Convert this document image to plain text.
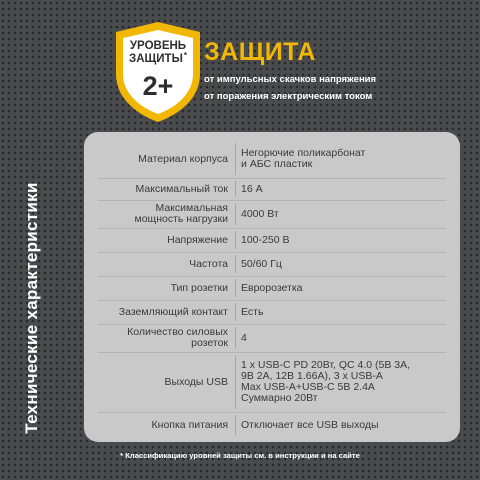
УРОВЕНЬ
ЗАЩИТЫ*
2+
ЗАЩИТА
от импульсных скачков напряжения
от поражения электрическим током
Технические характеристики
Материал корпуса Негорючие поликарбонат
и АБС пластик
Максимальный ток 16 А
Максимальная
мощность нагрузки 4000 Вт
Напряжение 100-250 В
Частота 50/60 Гц
Тип розетки Евророзетка
Заземляющий контакт Есть
Количество силовых
розеток 4
Выходы USB
1 x USB-C PD 20Вт, QC 4.0 (5В 3А,
9В 2А, 12В 1.66А), 3 x USB-A
Max USB-A+USB-C 5В 2.4А
Суммарно 20Вт
Кнопка питания Отключает все USB выходы
* Классификацию уровней защиты см. в инструкции и на сайте
